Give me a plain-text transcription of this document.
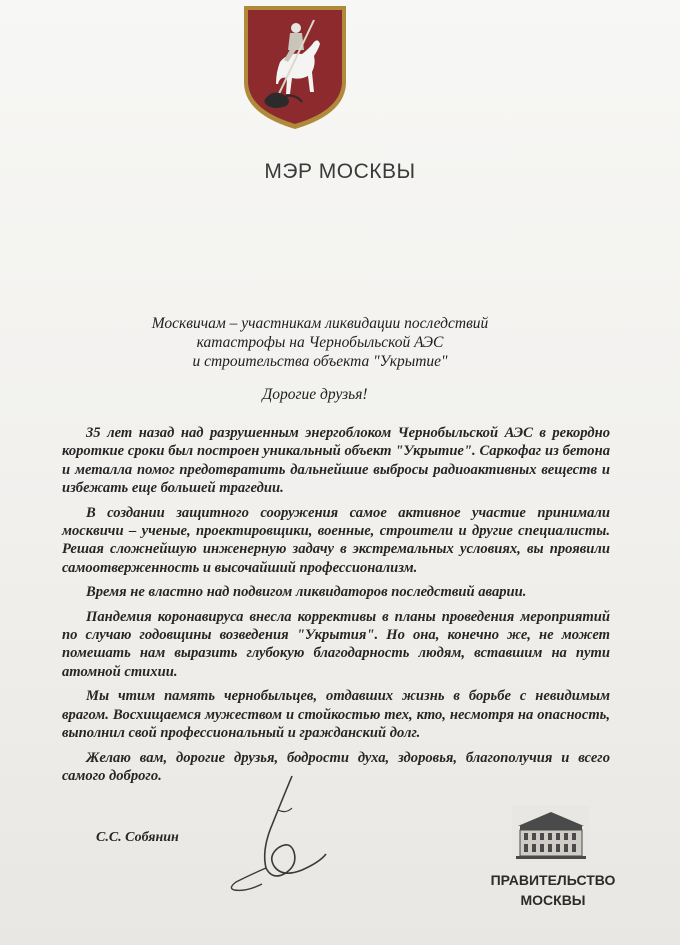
МЭР МОСКВЫ
Москвичам – участникам ликвидации последствий
катастрофы на Чернобыльской АЭС
и строительства объекта "Укрытие"
Дорогие друзья!

35 лет назад над разрушенным энергоблоком Чернобыльской АЭС в рекордно короткие сроки был построен уникальный объект "Укрытие". Саркофаг из бетона и металла помог предотвратить дальнейшие выбросы радиоактивных веществ и избежать еще большей трагедии.

В создании защитного сооружения самое активное участие принимали москвичи – ученые, проектировщики, военные, строители и другие специалисты. Решая сложнейшую инженерную задачу в экстремальных условиях, вы проявили самоотверженность и высочайший профессионализм.

Время не властно над подвигом ликвидаторов последствий аварии.

Пандемия коронавируса внесла коррективы в планы проведения мероприятий по случаю годовщины возведения "Укрытия". Но она, конечно же, не может помешать нам выразить глубокую благодарность людям, вставшим на пути атомной стихии.

Мы чтим память чернобыльцев, отдавших жизнь в борьбе с невидимым врагом. Восхищаемся мужеством и стойкостью тех, кто, несмотря на опасность, выполнил свой профессиональный и гражданский долг.

Желаю вам, дорогие друзья, бодрости духа, здоровья, благополучия и всего самого доброго.

С.С. Собянин
ПРАВИТЕЛЬСТВО
МОСКВЫ
